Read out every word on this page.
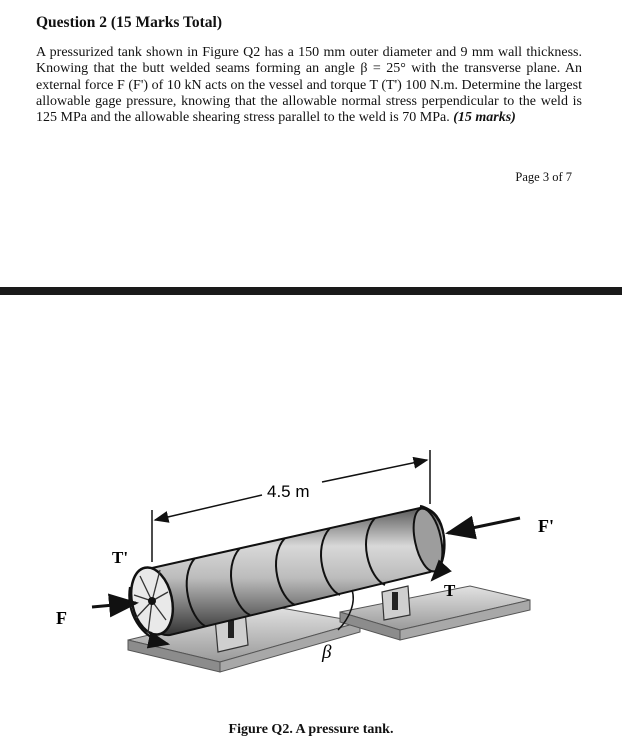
Question 2 (15 Marks Total)

A pressurized tank shown in Figure Q2 has a 150 mm outer diameter and 9 mm wall thickness. Knowing that the butt welded seams forming an angle β = 25° with the transverse plane. An external force F (F') of 10 kN acts on the vessel and torque T (T') 100 N.m. Determine the largest allowable gage pressure, knowing that the allowable normal stress perpendicular to the weld is 125 MPa and the allowable shearing stress parallel to the weld is 70 MPa. (15 marks)

Page 3 of 7
4.5 m
F
F'
T'
T
β
Figure Q2. A pressure tank.
